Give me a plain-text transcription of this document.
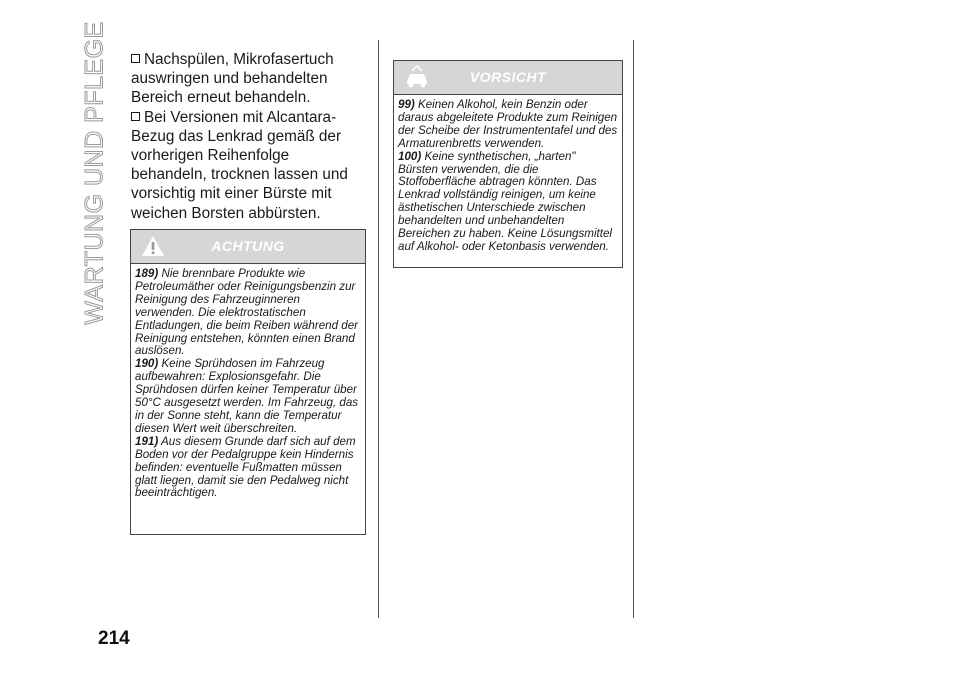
WARTUNG UND PFLEGE	Nachspülen, Mikrofasertuch auswringen und behandelten Bereich erneut behandeln.

Bei Versionen mit Alcantara-Bezug das Lenkrad gemäß der vorherigen Reihenfolge behandeln, trocknen lassen und vorsichtig mit einer Bürste mit weichen Borsten abbürsten.

ACHTUNG

189) Nie brennbare Produkte wie Petroleumäther oder Reinigungsbenzin zur Reinigung des Fahrzeuginneren verwenden. Die elektrostatischen Entladungen, die beim Reiben während der Reinigung entstehen, könnten einen Brand auslösen.

190) Keine Sprühdosen im Fahrzeug aufbewahren: Explosionsgefahr. Die Sprühdosen dürfen keiner Temperatur über 50°C ausgesetzt werden. Im Fahrzeug, das in der Sonne steht, kann die Temperatur diesen Wert weit überschreiten.

191) Aus diesem Grunde darf sich auf dem Boden vor der Pedalgruppe kein Hindernis befinden: eventuelle Fußmatten müssen glatt liegen, damit sie den Pedalweg nicht beeinträchtigen.

VORSICHT

99) Keinen Alkohol, kein Benzin oder daraus abgeleitete Produkte zum Reinigen der Scheibe der Instrumententafel und des Armaturenbretts verwenden.

100) Keine synthetischen, „harten" Bürsten verwenden, die die Stoffoberfläche abtragen könnten. Das Lenkrad vollständig reinigen, um keine ästhetischen Unterschiede zwischen behandelten und unbehandelten Bereichen zu haben. Keine Lösungsmittel auf Alkohol- oder Ketonbasis verwenden.

214
